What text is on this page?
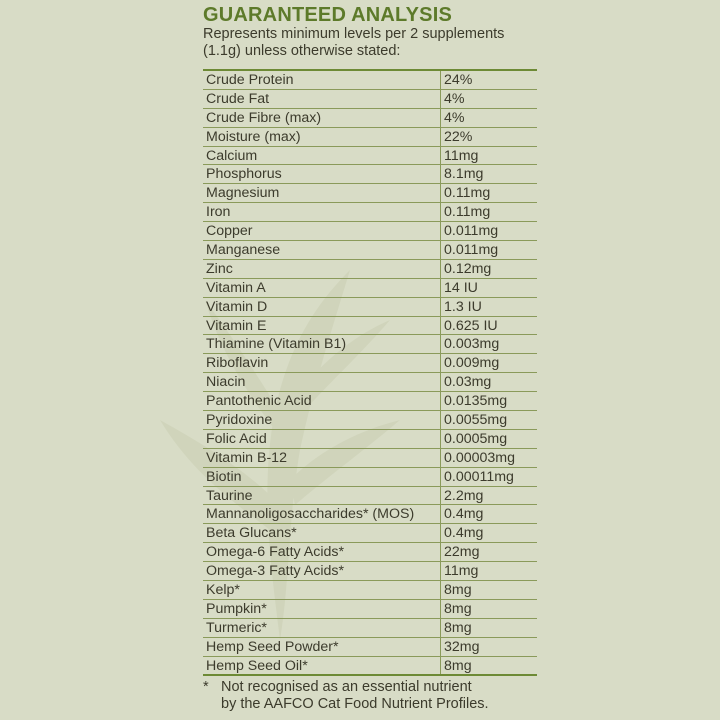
GUARANTEED ANALYSIS
Represents minimum levels per 2 supplements (1.1g) unless otherwise stated:
Crude Protein	24%
Crude Fat	4%
Crude Fibre (max)	4%
Moisture (max)	22%
Calcium	11mg
Phosphorus	8.1mg
Magnesium	0.11mg
Iron	0.11mg
Copper	0.011mg
Manganese	0.011mg
Zinc	0.12mg
Vitamin A	14 IU
Vitamin D	1.3 IU
Vitamin E	0.625 IU
Thiamine (Vitamin B1)	0.003mg
Riboflavin	0.009mg
Niacin	0.03mg
Pantothenic Acid	0.0135mg
Pyridoxine	0.0055mg
Folic Acid	0.0005mg
Vitamin B-12	0.00003mg
Biotin	0.00011mg
Taurine	2.2mg
Mannanoligosaccharides* (MOS)	0.4mg
Beta Glucans*	0.4mg
Omega-6 Fatty Acids*	22mg
Omega-3 Fatty Acids*	11mg
Kelp*	8mg
Pumpkin*	8mg
Turmeric*	8mg
Hemp Seed Powder*	32mg
Hemp Seed Oil*	8mg
* Not recognised as an essential nutrient
by the AAFCO Cat Food Nutrient Profiles.
